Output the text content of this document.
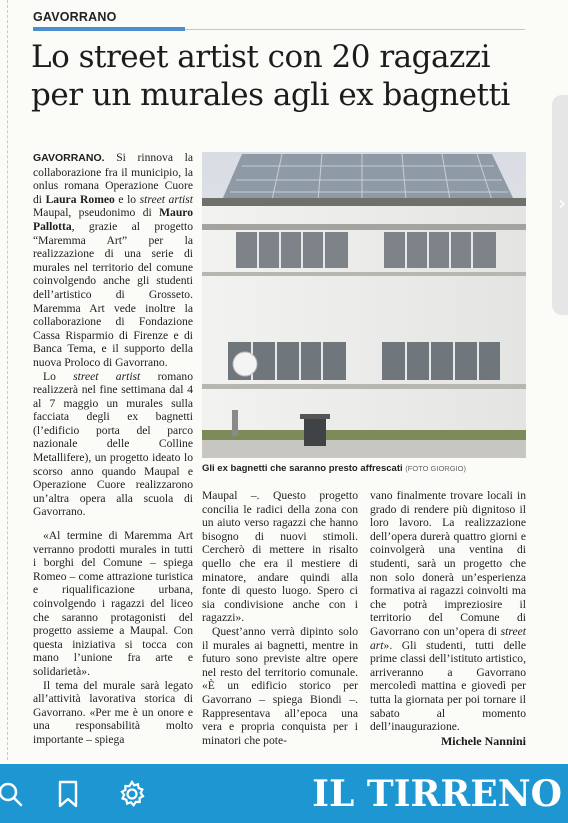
GAVORRANO
Lo street artist con 20 ragazzi per un murales agli ex bagnetti
Gli ex bagnetti che saranno presto affrescati (FOTO GIORGIO)

GAVORRANO. Si rinnova la collaborazione fra il municipio, la onlus romana Operazione Cuore di Laura Romeo e lo street artist Maupal, pseudonimo di Mauro Pallotta, grazie al progetto “Maremma Art” per la realizzazione di una serie di murales nel territorio del comune coinvolgendo anche gli studenti dell’artistico di Grosseto. Maremma Art vede inoltre la collaborazione di Fondazione Cassa Risparmio di Firenze e di Banca Tema, e il supporto della nuova Proloco di Gavorrano.

Lo street artist romano realizzerà nel fine settimana dal 4 al 7 maggio un murales sulla facciata degli ex bagnetti (l’edificio porta del parco nazionale delle Colline Metallifere), un progetto ideato lo scorso anno quando Maupal e Operazione Cuore realizzarono un’altra opera alla scuola di Gavorrano.

«Al termine di Maremma Art verranno prodotti murales in tutti i borghi del Comune – spiega Romeo – come attrazione turistica e riqualificazione urbana, coinvolgendo i ragazzi del liceo che saranno protagonisti del progetto assieme a Maupal. Con questa iniziativa si tocca con mano l’unione fra arte e solidarietà».

Il tema del murale sarà legato all’attività lavorativa storica di Gavorrano. «Per me è un onore e una responsabilità molto importante – spiega

Maupal –. Questo progetto concilia le radici della zona con un aiuto verso ragazzi che hanno bisogno di nuovi stimoli. Cercherò di mettere in risalto quello che era il mestiere di minatore, andare quindi alla fonte di questo luogo. Spero ci sia condivisione anche con i ragazzi».

Quest’anno verrà dipinto solo il murales ai bagnetti, mentre in futuro sono previste altre opere nel resto del territorio comunale. «È un edificio storico per Gavorrano – spiega Biondi –. Rappresentava all’epoca una vera e propria conquista per i minatori che pote-

vano finalmente trovare locali in grado di rendere più dignitoso il loro lavoro. La realizzazione dell’opera durerà quattro giorni e coinvolgerà una ventina di studenti, sarà un progetto che non solo donerà un’esperienza formativa ai ragazzi coinvolti ma che potrà impreziosire il territorio del Comune di Gavorrano con un’opera di street art». Gli studenti, tutti delle prime classi dell’istituto artistico, arriveranno a Gavorrano mercoledì mattina e giovedì per tutta la giornata per poi tornare il sabato al momento dell’inaugurazione.

Michele Nannini
›
IL TIRRENO
